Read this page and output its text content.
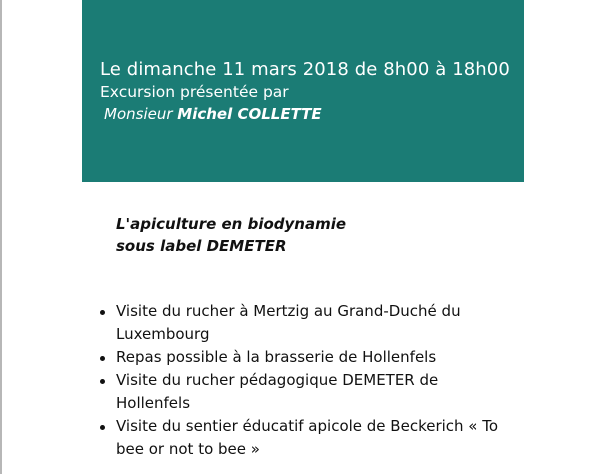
Le dimanche 11 mars 2018 de 8h00 à 18h00

Excursion présentée par

Monsieur Michel COLLETTE

L'apiculture en biodynamie
sous label DEMETER
Visite du rucher à Mertzig au Grand-Duché du Luxembourg
Repas possible à la brasserie de Hollenfels
Visite du rucher pédagogique DEMETER de Hollenfels
Visite du sentier éducatif apicole de Beckerich « To bee or not to bee »
